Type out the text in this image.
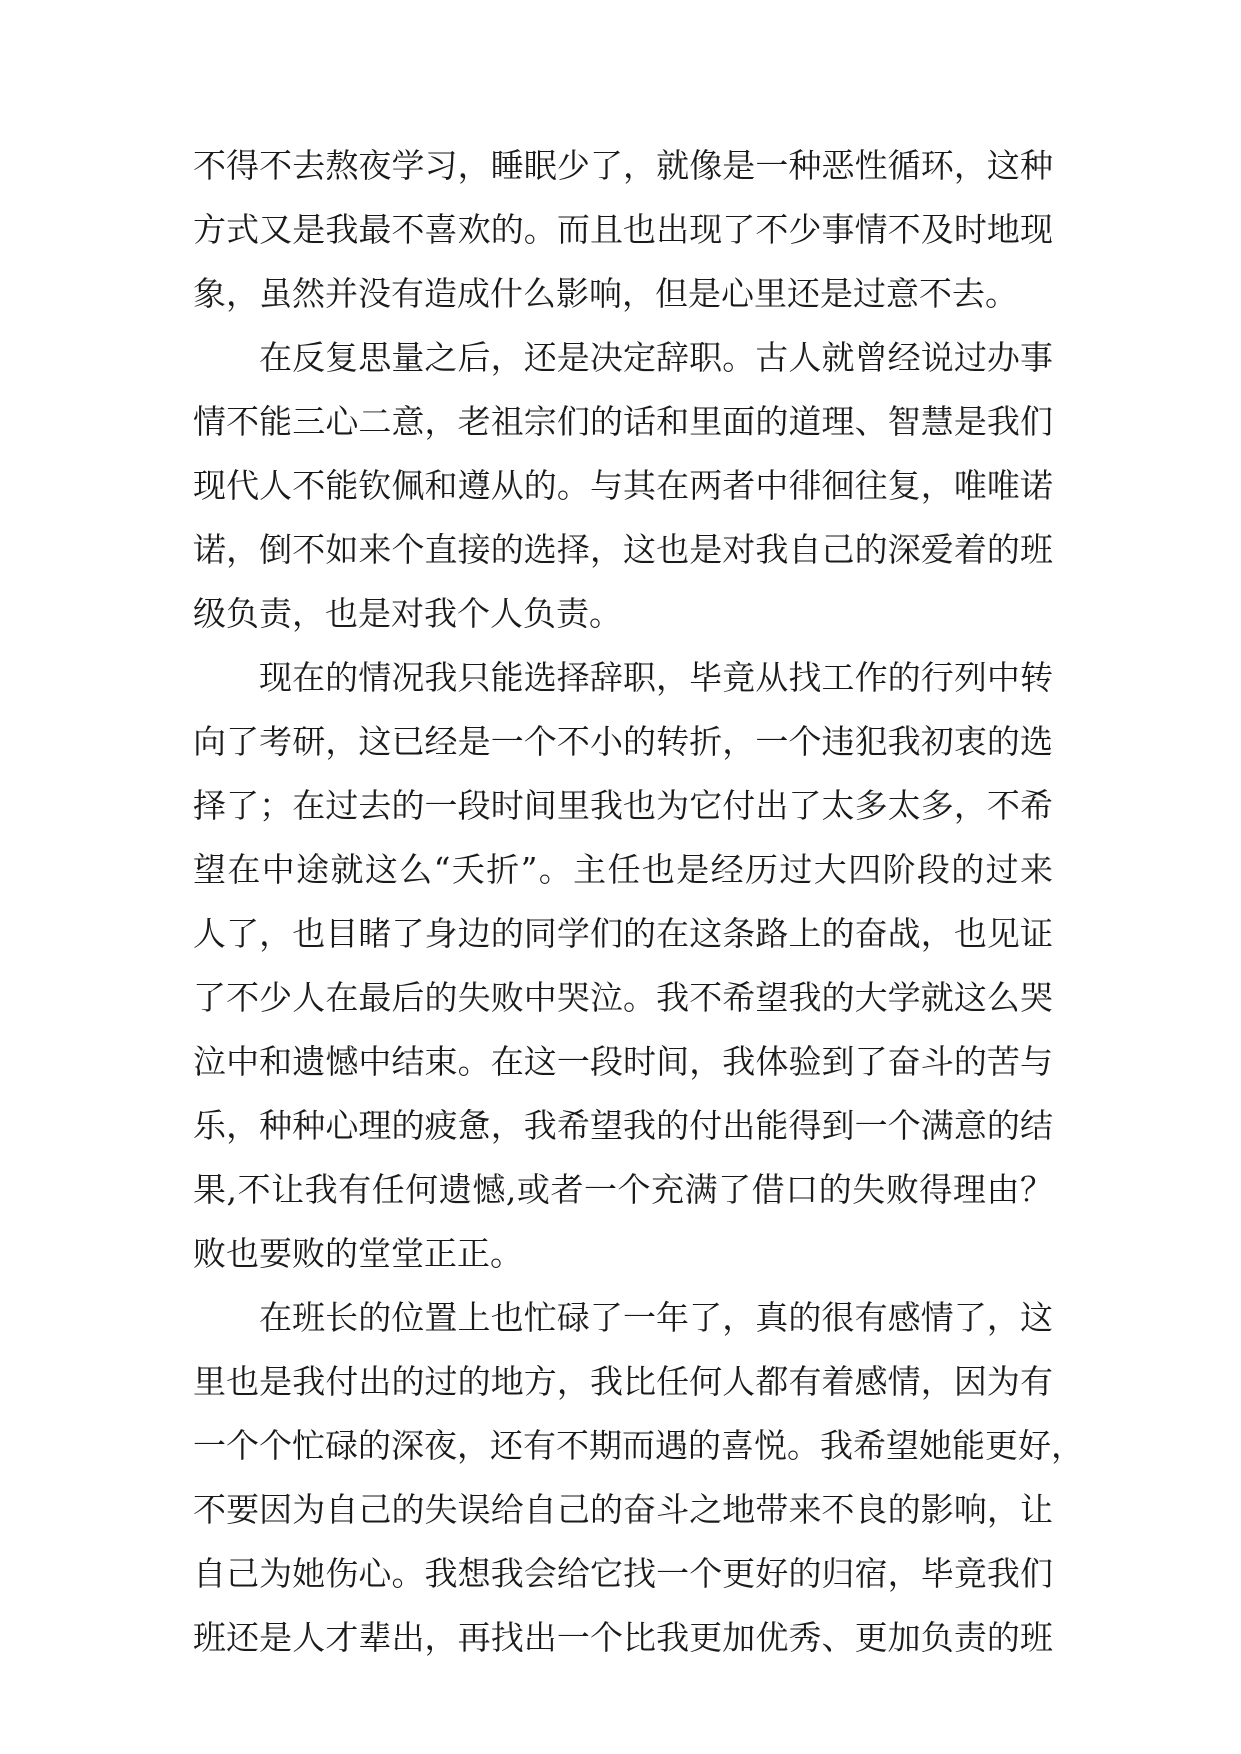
不得不去熬夜学习，睡眠少了，就像是一种恶性循环，这种
方式又是我最不喜欢的。而且也出现了不少事情不及时地现
象，虽然并没有造成什么影响，但是心里还是过意不去。
在反复思量之后，还是决定辞职。古人就曾经说过办事
情不能三心二意，老祖宗们的话和里面的道理、智慧是我们
现代人不能钦佩和遵从的。与其在两者中徘徊往复，唯唯诺
诺，倒不如来个直接的选择，这也是对我自己的深爱着的班
级负责，也是对我个人负责。
现在的情况我只能选择辞职，毕竟从找工作的行列中转
向了考研，这已经是一个不小的转折，一个违犯我初衷的选
择了；在过去的一段时间里我也为它付出了太多太多，不希
望在中途就这么“夭折”。主任也是经历过大四阶段的过来
人了，也目睹了身边的同学们的在这条路上的奋战，也见证
了不少人在最后的失败中哭泣。我不希望我的大学就这么哭
泣中和遗憾中结束。在这一段时间，我体验到了奋斗的苦与
乐，种种心理的疲惫，我希望我的付出能得到一个满意的结
果,不让我有任何遗憾,或者一个充满了借口的失败得理由？
败也要败的堂堂正正。
在班长的位置上也忙碌了一年了，真的很有感情了，这
里也是我付出的过的地方，我比任何人都有着感情，因为有
一个个忙碌的深夜，还有不期而遇的喜悦。我希望她能更好，
不要因为自己的失误给自己的奋斗之地带来不良的影响，让
自己为她伤心。我想我会给它找一个更好的归宿，毕竟我们
班还是人才辈出，再找出一个比我更加优秀、更加负责的班
